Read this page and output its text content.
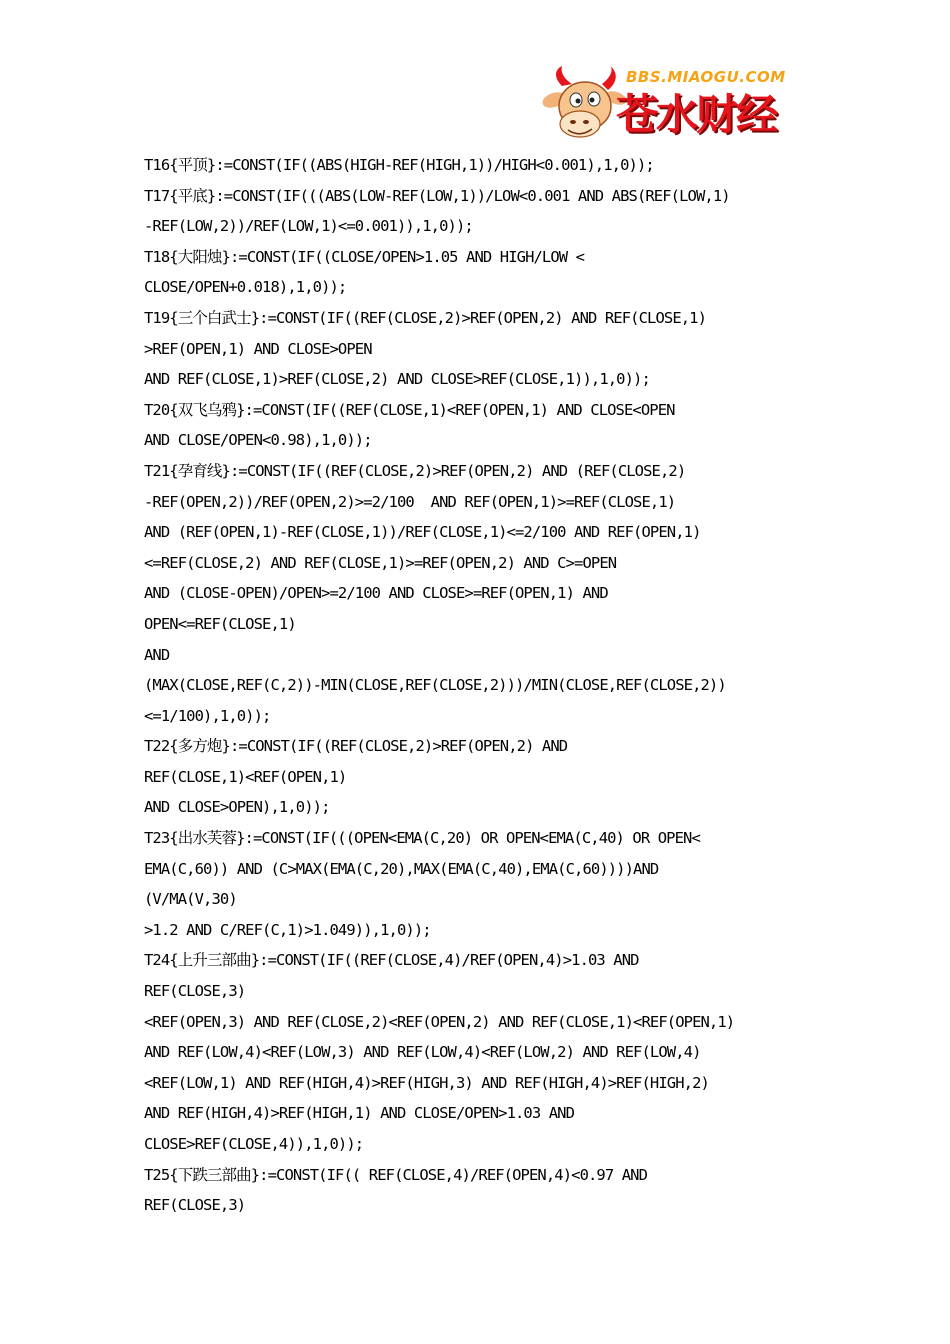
BBS.MIAOGU.COM
苍水财经
T16{平顶}:=CONST(IF((ABS(HIGH-REF(HIGH,1))/HIGH<0.001),1,0));
T17{平底}:=CONST(IF(((ABS(LOW-REF(LOW,1))/LOW<0.001 AND ABS(REF(LOW,1)
-REF(LOW,2))/REF(LOW,1)<=0.001)),1,0));
T18{大阳烛}:=CONST(IF((CLOSE/OPEN>1.05 AND HIGH/LOW <
CLOSE/OPEN+0.018),1,0));
T19{三个白武士}:=CONST(IF((REF(CLOSE,2)>REF(OPEN,2) AND REF(CLOSE,1)
>REF(OPEN,1) AND CLOSE>OPEN
AND REF(CLOSE,1)>REF(CLOSE,2) AND CLOSE>REF(CLOSE,1)),1,0));
T20{双飞乌鸦}:=CONST(IF((REF(CLOSE,1)<REF(OPEN,1) AND CLOSE<OPEN
AND CLOSE/OPEN<0.98),1,0));
T21{孕育线}:=CONST(IF((REF(CLOSE,2)>REF(OPEN,2) AND (REF(CLOSE,2)
-REF(OPEN,2))/REF(OPEN,2)>=2/100  AND REF(OPEN,1)>=REF(CLOSE,1)
AND (REF(OPEN,1)-REF(CLOSE,1))/REF(CLOSE,1)<=2/100 AND REF(OPEN,1)
<=REF(CLOSE,2) AND REF(CLOSE,1)>=REF(OPEN,2) AND C>=OPEN
AND (CLOSE-OPEN)/OPEN>=2/100 AND CLOSE>=REF(OPEN,1) AND
OPEN<=REF(CLOSE,1)
AND
(MAX(CLOSE,REF(C,2))-MIN(CLOSE,REF(CLOSE,2)))/MIN(CLOSE,REF(CLOSE,2))
<=1/100),1,0));
T22{多方炮}:=CONST(IF((REF(CLOSE,2)>REF(OPEN,2) AND
REF(CLOSE,1)<REF(OPEN,1)
AND CLOSE>OPEN),1,0));
T23{出水芙蓉}:=CONST(IF(((OPEN<EMA(C,20) OR OPEN<EMA(C,40) OR OPEN<
EMA(C,60)) AND (C>MAX(EMA(C,20),MAX(EMA(C,40),EMA(C,60))))AND
(V/MA(V,30)
>1.2 AND C/REF(C,1)>1.049)),1,0));
T24{上升三部曲}:=CONST(IF((REF(CLOSE,4)/REF(OPEN,4)>1.03 AND
REF(CLOSE,3)
<REF(OPEN,3) AND REF(CLOSE,2)<REF(OPEN,2) AND REF(CLOSE,1)<REF(OPEN,1)
AND REF(LOW,4)<REF(LOW,3) AND REF(LOW,4)<REF(LOW,2) AND REF(LOW,4)
<REF(LOW,1) AND REF(HIGH,4)>REF(HIGH,3) AND REF(HIGH,4)>REF(HIGH,2)
AND REF(HIGH,4)>REF(HIGH,1) AND CLOSE/OPEN>1.03 AND
CLOSE>REF(CLOSE,4)),1,0));
T25{下跌三部曲}:=CONST(IF(( REF(CLOSE,4)/REF(OPEN,4)<0.97 AND
REF(CLOSE,3)
